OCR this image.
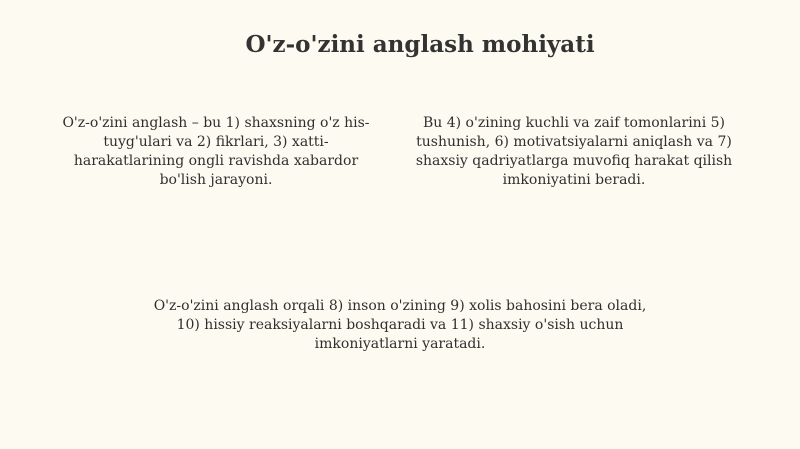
O'z-o'zini anglash mohiyati

O'z-o'zini anglash – bu 1) shaxsning o'z his-tuyg'ulari va 2) fikrlari, 3) xatti-harakatlarining ongli ravishda xabardor bo'lish jarayoni.

Bu 4) o'zining kuchli va zaif tomonlarini 5) tushunish, 6) motivatsiyalarni aniqlash va 7) shaxsiy qadriyatlarga muvofiq harakat qilish imkoniyatini beradi.

O'z-o'zini anglash orqali 8) inson o'zining 9) xolis bahosini bera oladi, 10) hissiy reaksiyalarni boshqaradi va 11) shaxsiy o'sish uchun imkoniyatlarni yaratadi.
